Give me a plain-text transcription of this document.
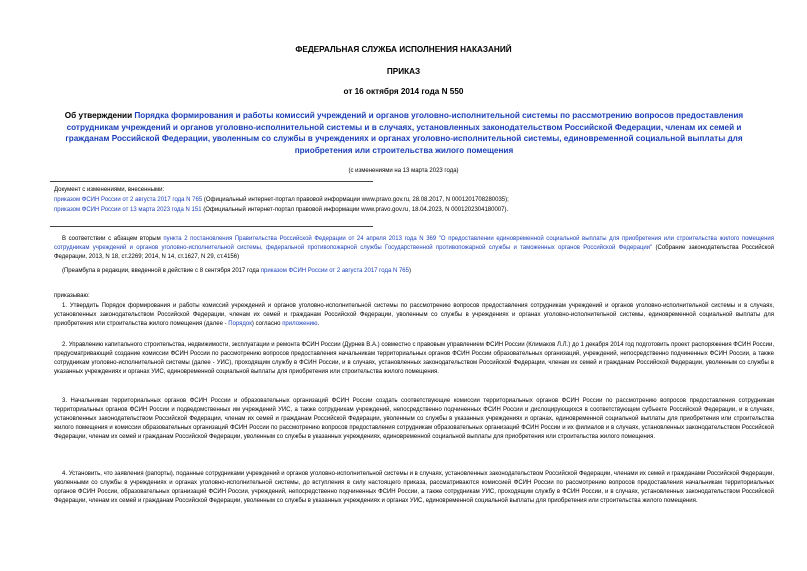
ФЕДЕРАЛЬНАЯ СЛУЖБА ИСПОЛНЕНИЯ НАКАЗАНИЙ
ПРИКАЗ
от 16 октября 2014 года N 550
Об утверждении Порядка формирования и работы комиссий учреждений и органов уголовно-исполнительной системы по рассмотрению вопросов предоставления сотрудникам учреждений и органов уголовно-исполнительной системы и в случаях, установленных законодательством Российской Федерации, членам их семей и гражданам Российской Федерации, уволенным со службы в учреждениях и органах уголовно-исполнительной системы, единовременной социальной выплаты для приобретения или строительства жилого помещения
(с изменениями на 13 марта 2023 года)
Документ с изменениями, внесенными:
приказом ФСИН России от 2 августа 2017 года N 765 (Официальный интернет-портал правовой информации www.pravo.gov.ru, 28.08.2017, N 0001201708280035);
приказом ФСИН России от 13 марта 2023 года N 151 (Официальный интернет-портал правовой информации www.pravo.gov.ru, 18.04.2023, N 0001202304180007).
В соответствии с абзацем вторым пункта 2 постановления Правительства Российской Федерации от 24 апреля 2013 года N 369 "О предоставлении единовременной социальной выплаты для приобретения или строительства жилого помещения сотрудникам учреждений и органов уголовно-исполнительной системы, федеральной противопожарной службы Государственной противопожарной службы и таможенных органов Российской Федерации" (Собрание законодательства Российской Федерации, 2013, N 18, ст.2269; 2014, N 14, ст.1627, N 29, ст.4156)
(Преамбула в редакции, введенной в действие с 8 сентября 2017 года приказом ФСИН России от 2 августа 2017 года N 765)
приказываю:
1. Утвердить Порядок формирования и работы комиссий учреждений и органов уголовно-исполнительной системы по рассмотрению вопросов предоставления сотрудникам учреждений и органов уголовно-исполнительной системы и в случаях, установленных законодательством Российской Федерации, членам их семей и гражданам Российской Федерации, уволенным со службы в учреждениях и органах уголовно-исполнительной системы, единовременной социальной выплаты для приобретения или строительства жилого помещения (далее - Порядок) согласно приложению.
2. Управлению капитального строительства, недвижимости, эксплуатации и ремонта ФСИН России (Дурнев В.А.) совместно с правовым управлением ФСИН России (Климаков Л.Л.) до 1 декабря 2014 год подготовить проект распоряжения ФСИН России, предусматривающий создание комиссии ФСИН России по рассмотрению вопросов предоставления начальникам территориальных органов ФСИН России образовательных организаций, учреждений, непосредственно подчиненных ФСИН России, а также сотрудникам уголовно-исполнительной системы (далее - УИС), проходящим службу в ФСИН России, и в случаях, установленных законодательством Российской Федерации, членам их семей и гражданам Российской Федерации, уволенным со службы в указанных учреждениях и органах УИС, единовременной социальной выплаты для приобретения или строительства жилого помещения.
3. Начальникам территориальных органов ФСИН России и образовательных организаций ФСИН России создать соответствующие комиссии территориальных органов ФСИН России по рассмотрению вопросов предоставления сотрудникам территориальных органов ФСИН России и подведомственных им учреждений УИС, а также сотрудникам учреждений, непосредственно подчиненных ФСИН России и дислоцирующихся в соответствующем субъекте Российской Федерации, и в случаях, установленных законодательством Российской Федерации, членам их семей и гражданам Российской Федерации, уволенным со службы в указанных учреждениях и органах, единовременной социальной выплаты для приобретения или строительства жилого помещения и комиссии образовательных организаций ФСИН России по рассмотрению вопросов предоставления сотрудникам образовательных организаций ФСИН России и их филиалов и в случаях, установленных законодательством Российской Федерации, членам их семей и гражданам Российской Федерации, уволенным со службы в указанных учреждениях, единовременной социальной выплаты для приобретения или строительства жилого помещения.
4. Установить, что заявления (рапорты), поданные сотрудниками учреждений и органов уголовно-исполнительной системы и в случаях, установленных законодательством Российской Федерации, членами их семей и гражданами Российской Федерации, уволенными со службы в учреждениях и органах уголовно-исполнительной системы, до вступления в силу настоящего приказа, рассматриваются комиссией ФСИН России по рассмотрению вопросов предоставления начальникам территориальных органов ФСИН России, образовательных организаций ФСИН России, учреждений, непосредственно подчиненных ФСИН России, а также сотрудникам УИС, проходящим службу в ФСИН России, и в случаях, установленных законодательством Российской Федерации, членам их семей и гражданам Российской Федерации, уволенным со службы в указанных учреждениях и органах УИС, единовременной социальной выплаты для приобретения или строительства жилого помещения.
